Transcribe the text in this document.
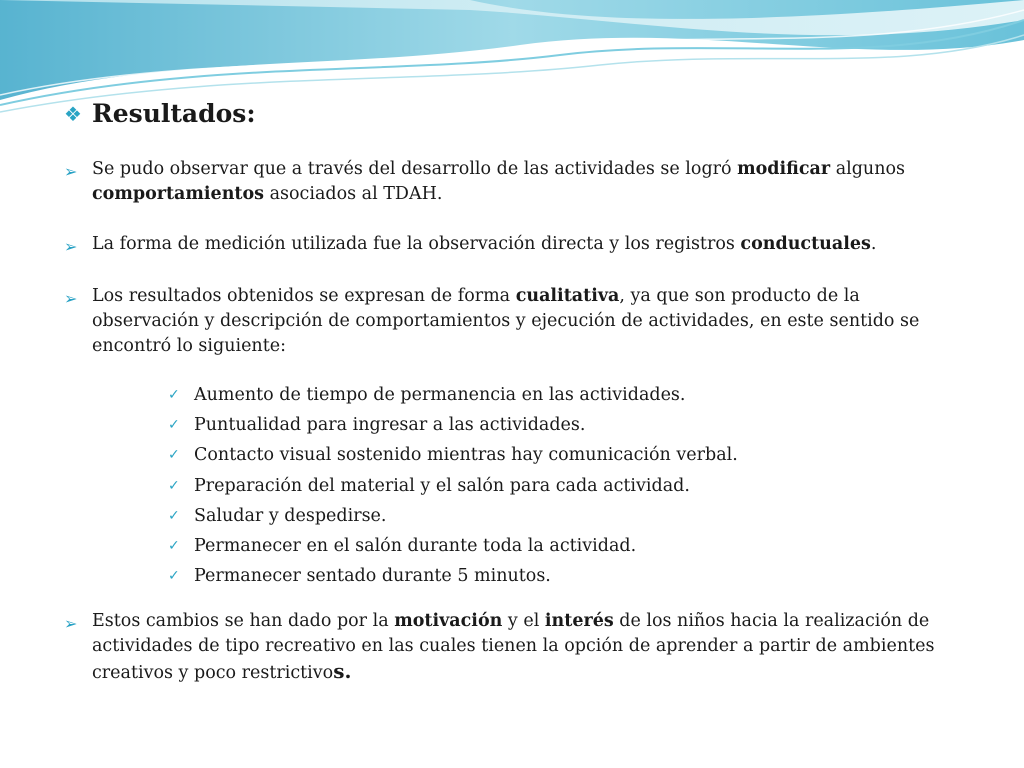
❖ Resultados:
➢ Se pudo observar que a través del desarrollo de las actividades se logró modificar algunos comportamientos asociados al TDAH.
➢ La forma de medición utilizada fue la observación directa y los registros conductuales.
➢ Los resultados obtenidos se expresan de forma cualitativa, ya que son producto de la observación y descripción de comportamientos y ejecución de actividades, en este sentido se encontró lo siguiente:
✓ Aumento de tiempo de permanencia en las actividades.
✓ Puntualidad para ingresar a las actividades.
✓ Contacto visual sostenido mientras hay comunicación verbal.
✓ Preparación del material y el salón para cada actividad.
✓ Saludar y despedirse.
✓ Permanecer en el salón durante toda la actividad.
✓ Permanecer sentado durante 5 minutos.
➢ Estos cambios se han dado por la motivación y el interés de los niños hacia la realización de actividades de tipo recreativo en las cuales tienen la opción de aprender a partir de ambientes creativos y poco restrictivos.
